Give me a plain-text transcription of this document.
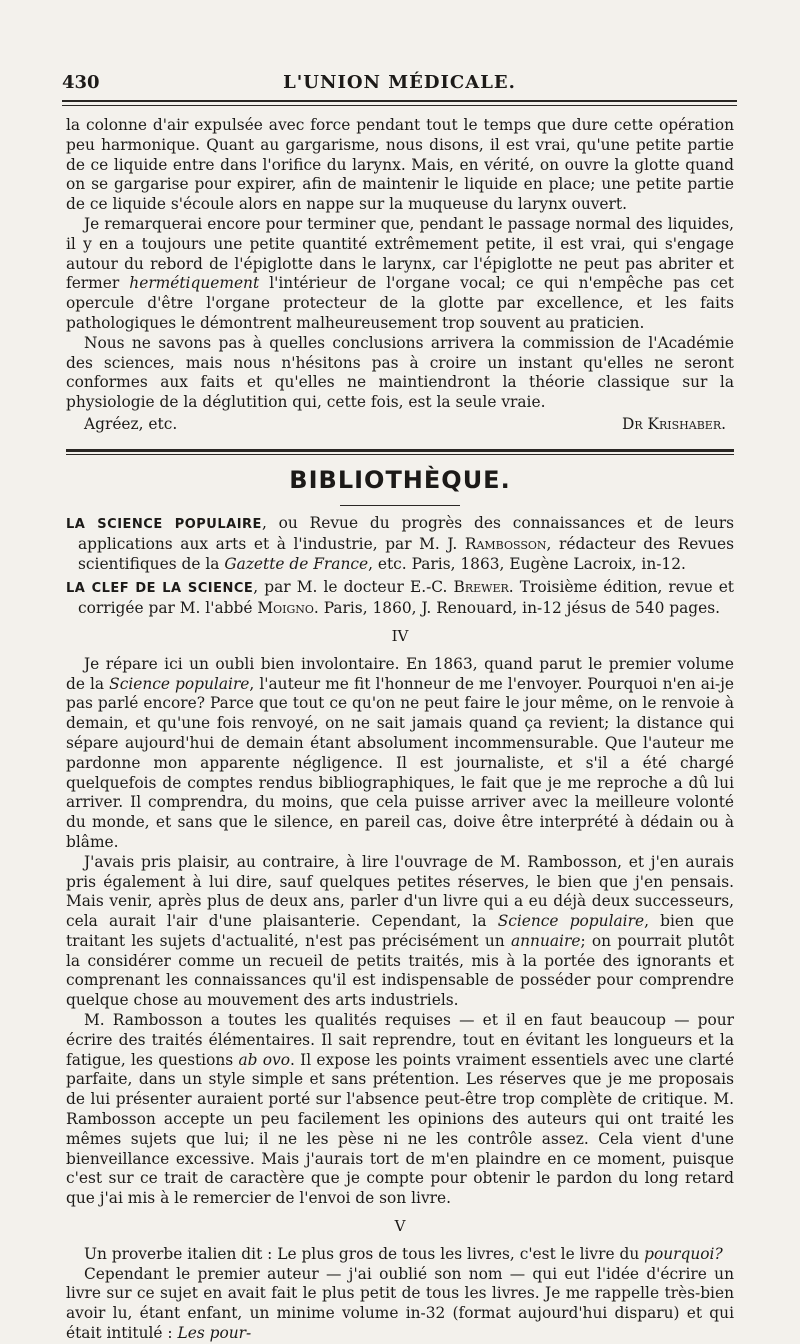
430	L'UNION MÉDICALE.

la colonne d'air expulsée avec force pendant tout le temps que dure cette opération peu harmonique. Quant au gargarisme, nous disons, il est vrai, qu'une petite partie de ce liquide entre dans l'orifice du larynx. Mais, en vérité, on ouvre la glotte quand on se gargarise pour expirer, afin de maintenir le liquide en place; une petite partie de ce liquide s'écoule alors en nappe sur la muqueuse du larynx ouvert.

Je remarquerai encore pour terminer que, pendant le passage normal des liquides, il y en a toujours une petite quantité extrêmement petite, il est vrai, qui s'engage autour du rebord de l'épiglotte dans le larynx, car l'épiglotte ne peut pas abriter et fermer hermétiquement l'intérieur de l'organe vocal; ce qui n'empêche pas cet opercule d'être l'organe protecteur de la glotte par excellence, et les faits pathologiques le démontrent malheureusement trop souvent au praticien.

Nous ne savons pas à quelles conclusions arrivera la commission de l'Académie des sciences, mais nous n'hésitons pas à croire un instant qu'elles ne seront conformes aux faits et qu'elles ne maintiendront la théorie classique sur la physiologie de la déglutition qui, cette fois, est la seule vraie.

Agréez, etc.	Dr Krishaber.
BIBLIOTHÈQUE.

LA SCIENCE POPULAIRE, ou Revue du progrès des connaissances et de leurs applications aux arts et à l'industrie, par M. J. Rambosson, rédacteur des Revues scientifiques de la Gazette de France, etc. Paris, 1863, Eugène Lacroix, in-12.

LA CLEF DE LA SCIENCE, par M. le docteur E.-C. Brewer. Troisième édition, revue et corrigée par M. l'abbé Moigno. Paris, 1860, J. Renouard, in-12 jésus de 540 pages.

IV

Je répare ici un oubli bien involontaire. En 1863, quand parut le premier volume de la Science populaire, l'auteur me fit l'honneur de me l'envoyer. Pourquoi n'en ai-je pas parlé encore? Parce que tout ce qu'on ne peut faire le jour même, on le renvoie à demain, et qu'une fois renvoyé, on ne sait jamais quand ça revient; la distance qui sépare aujourd'hui de demain étant absolument incommensurable. Que l'auteur me pardonne mon apparente négligence. Il est journaliste, et s'il a été chargé quelquefois de comptes rendus bibliographiques, le fait que je me reproche a dû lui arriver. Il comprendra, du moins, que cela puisse arriver avec la meilleure volonté du monde, et sans que le silence, en pareil cas, doive être interprété à dédain ou à blâme.

J'avais pris plaisir, au contraire, à lire l'ouvrage de M. Rambosson, et j'en aurais pris également à lui dire, sauf quelques petites réserves, le bien que j'en pensais. Mais venir, après plus de deux ans, parler d'un livre qui a eu déjà deux successeurs, cela aurait l'air d'une plaisanterie. Cependant, la Science populaire, bien que traitant les sujets d'actualité, n'est pas précisément un annuaire; on pourrait plutôt la considérer comme un recueil de petits traités, mis à la portée des ignorants et comprenant les connaissances qu'il est indispensable de posséder pour comprendre quelque chose au mouvement des arts industriels.

M. Rambosson a toutes les qualités requises — et il en faut beaucoup — pour écrire des traités élémentaires. Il sait reprendre, tout en évitant les longueurs et la fatigue, les questions ab ovo. Il expose les points vraiment essentiels avec une clarté parfaite, dans un style simple et sans prétention. Les réserves que je me proposais de lui présenter auraient porté sur l'absence peut-être trop complète de critique. M. Rambosson accepte un peu facilement les opinions des auteurs qui ont traité les mêmes sujets que lui; il ne les pèse ni ne les contrôle assez. Cela vient d'une bienveillance excessive. Mais j'aurais tort de m'en plaindre en ce moment, puisque c'est sur ce trait de caractère que je compte pour obtenir le pardon du long retard que j'ai mis à le remercier de l'envoi de son livre.

V

Un proverbe italien dit : Le plus gros de tous les livres, c'est le livre du pourquoi?

Cependant le premier auteur — j'ai oublié son nom — qui eut l'idée d'écrire un livre sur ce sujet en avait fait le plus petit de tous les livres. Je me rappelle très-bien avoir lu, étant enfant, un minime volume in-32 (format aujourd'hui disparu) et qui était intitulé : Les pour-
